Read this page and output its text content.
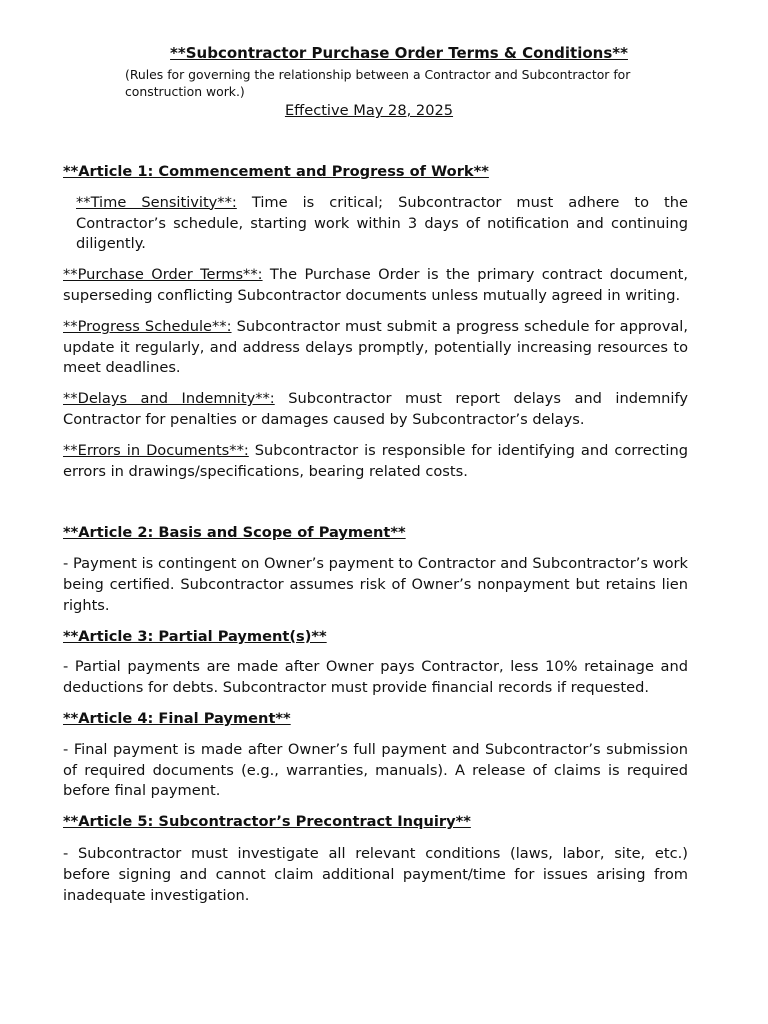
**Subcontractor Purchase Order Terms & Conditions**
(Rules for governing the relationship between a Contractor and Subcontractor for construction work.)
Effective May 28, 2025

**Article 1: Commencement and Progress of Work**

**Time Sensitivity**: Time is critical; Subcontractor must adhere to the Contractor’s schedule, starting work within 3 days of notification and continuing diligently.

**Purchase Order Terms**: The Purchase Order is the primary contract document, superseding conflicting Subcontractor documents unless mutually agreed in writing.

**Progress Schedule**: Subcontractor must submit a progress schedule for approval, update it regularly, and address delays promptly, potentially increasing resources to meet deadlines.

**Delays and Indemnity**: Subcontractor must report delays and indemnify Contractor for penalties or damages caused by Subcontractor’s delays.

**Errors in Documents**: Subcontractor is responsible for identifying and correcting errors in drawings/specifications, bearing related costs.

**Article 2: Basis and Scope of Payment**

- Payment is contingent on Owner’s payment to Contractor and Subcontractor’s work being certified. Subcontractor assumes risk of Owner’s nonpayment but retains lien rights.

**Article 3: Partial Payment(s)**

- Partial payments are made after Owner pays Contractor, less 10% retainage and deductions for debts. Subcontractor must provide financial records if requested.

**Article 4: Final Payment**

- Final payment is made after Owner’s full payment and Subcontractor’s submission of required documents (e.g., warranties, manuals). A release of claims is required before final payment.

**Article 5: Subcontractor’s Precontract Inquiry**

- Subcontractor must investigate all relevant conditions (laws, labor, site, etc.) before signing and cannot claim additional payment/time for issues arising from inadequate investigation.
